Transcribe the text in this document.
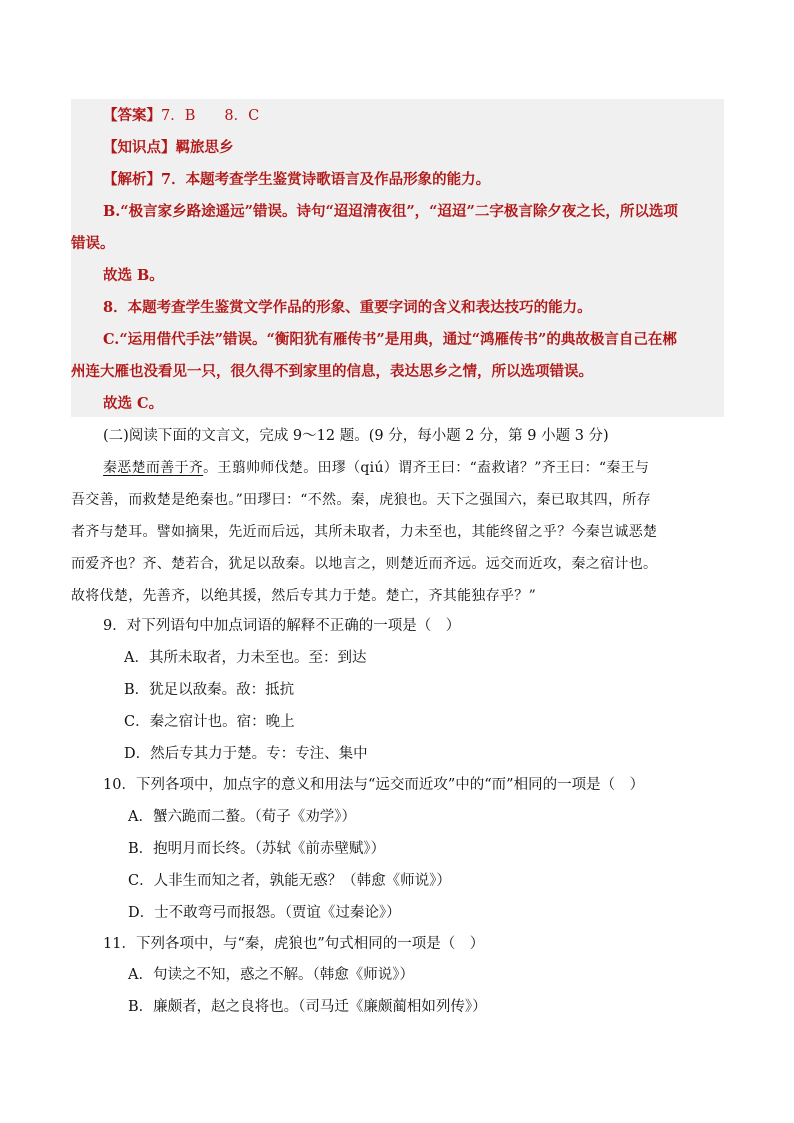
【答案】7．B　　8．C
【知识点】羁旅思乡
【解析】7．本题考查学生鉴赏诗歌语言及作品形象的能力。
B.“极言家乡路途遥远”错误。诗句“迢迢清夜徂”，“迢迢”二字极言除夕夜之长，所以选项
错误。
故选 B。
8．本题考查学生鉴赏文学作品的形象、重要字词的含义和表达技巧的能力。
C.“运用借代手法”错误。“衡阳犹有雁传书”是用典，通过“鸿雁传书”的典故极言自己在郴
州连大雁也没看见一只，很久得不到家里的信息，表达思乡之情，所以选项错误。
故选 C。
(二)阅读下面的文言文，完成 9～12 题。(9 分，每小题 2 分，第 9 小题 3 分)
秦恶楚而善于齐。王翦帅师伐楚。田璆（qiú）谓齐王曰：“盍救诸？”齐王曰：“秦王与
吾交善，而救楚是绝秦也。”田璆曰：“不然。秦，虎狼也。天下之强国六，秦已取其四，所存
者齐与楚耳。譬如摘果，先近而后远，其所未取者，力未至也，其能终留之乎？今秦岂诚恶楚
而爱齐也？齐、楚若合，犹足以敌秦。以地言之，则楚近而齐远。远交而近攻，秦之宿计也。
故将伐楚，先善齐，以绝其援，然后专其力于楚。楚亡，齐其能独存乎？”
9．对下列语句中加点词语的解释不正确的一项是（　）
A．其所未取者，力未至也。至：到达
B．犹足以敌秦。敌：抵抗
C．秦之宿计也。宿：晚上
D．然后专其力于楚。专：专注、集中
10．下列各项中，加点字的意义和用法与“远交而近攻”中的“而”相同的一项是（　）
A．蟹六跪而二螯。（荀子《劝学》）
B．抱明月而长终。（苏轼《前赤壁赋》）
C．人非生而知之者，孰能无惑？（韩愈《师说》）
D．士不敢弯弓而报怨。（贾谊《过秦论》）
11．下列各项中，与“秦，虎狼也”句式相同的一项是（　）
A．句读之不知，惑之不解。（韩愈《师说》）
B．廉颇者，赵之良将也。（司马迁《廉颇蔺相如列传》）
